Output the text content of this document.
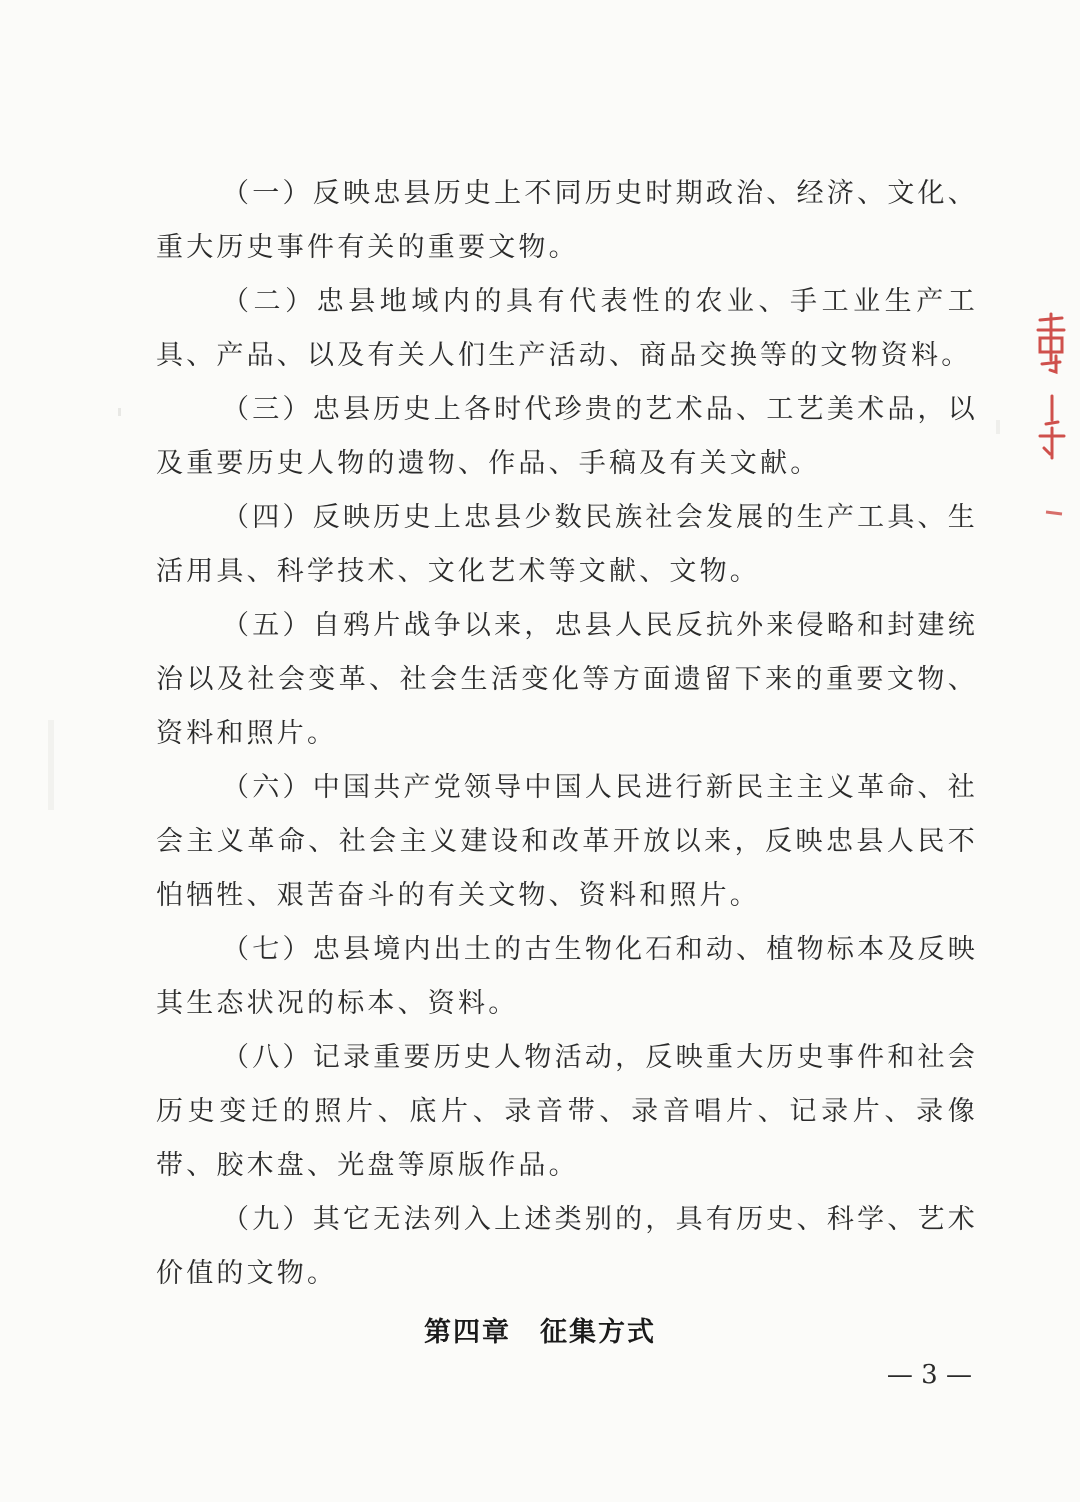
（一）反映忠县历史上不同历史时期政治、经济、文化、重大历史事件有关的重要文物。

（二）忠县地域内的具有代表性的农业、手工业生产工具、产品、以及有关人们生产活动、商品交换等的文物资料。

（三）忠县历史上各时代珍贵的艺术品、工艺美术品，以及重要历史人物的遗物、作品、手稿及有关文献。

（四）反映历史上忠县少数民族社会发展的生产工具、生活用具、科学技术、文化艺术等文献、文物。

（五）自鸦片战争以来，忠县人民反抗外来侵略和封建统治以及社会变革、社会生活变化等方面遗留下来的重要文物、资料和照片。

（六）中国共产党领导中国人民进行新民主主义革命、社会主义革命、社会主义建设和改革开放以来，反映忠县人民不怕牺牲、艰苦奋斗的有关文物、资料和照片。

（七）忠县境内出土的古生物化石和动、植物标本及反映其生态状况的标本、资料。

（八）记录重要历史人物活动，反映重大历史事件和社会历史变迁的照片、底片、录音带、录音唱片、记录片、录像带、胶木盘、光盘等原版作品。

（九）其它无法列入上述类别的，具有历史、科学、艺术价值的文物。

第四章　征集方式
— 3 —
